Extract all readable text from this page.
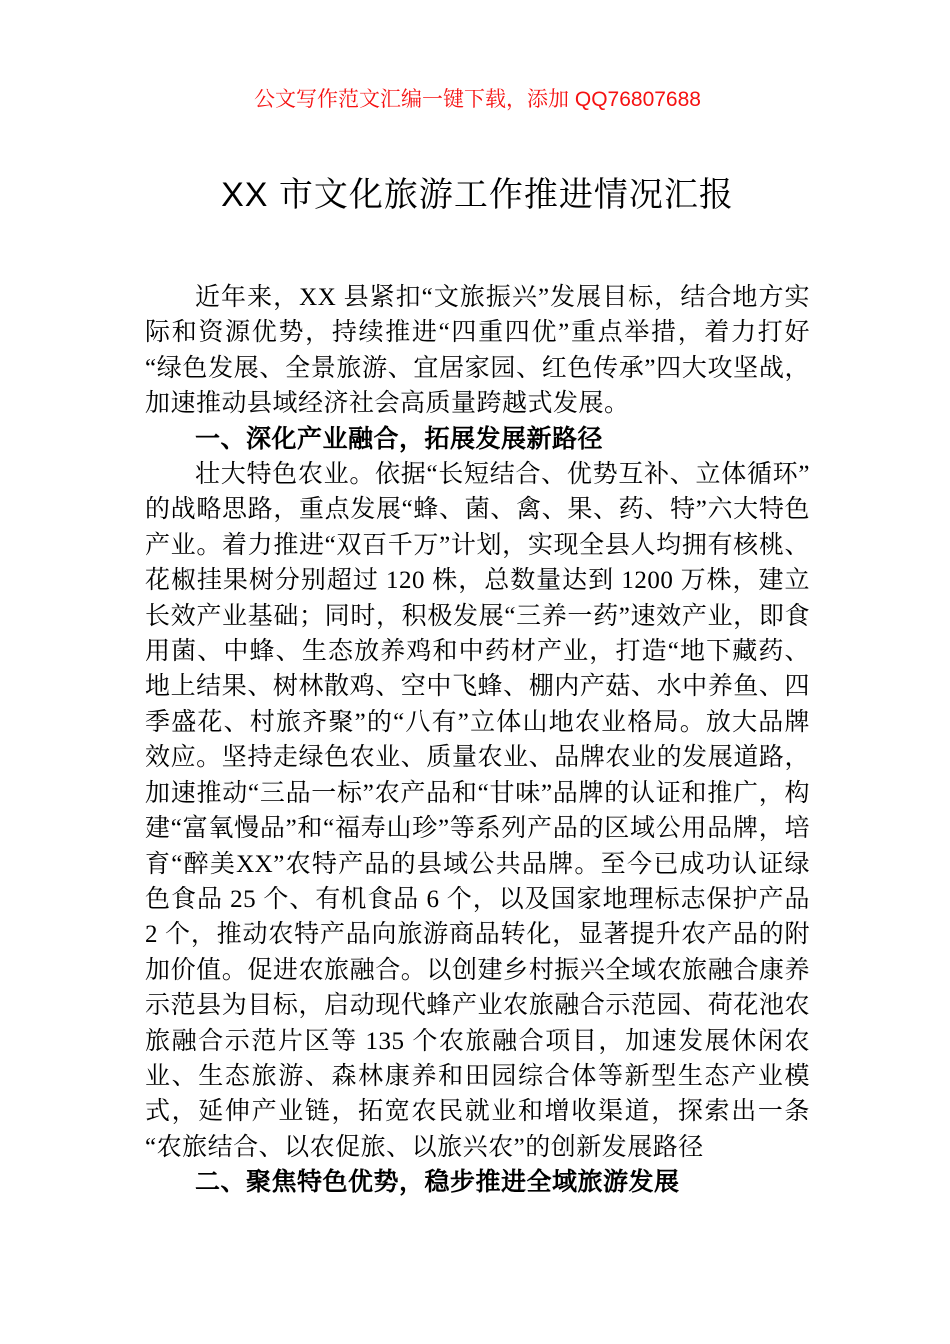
公文写作范文汇编一键下载，添加 QQ76807688
XX 市文化旅游工作推进情况汇报

近年来，XX 县紧扣“文旅振兴”发展目标，结合地方实际和资源优势，持续推进“四重四优”重点举措，着力打好“绿色发展、全景旅游、宜居家园、红色传承”四大攻坚战，加速推动县域经济社会高质量跨越式发展。

一、深化产业融合，拓展发展新路径

壮大特色农业。依据“长短结合、优势互补、立体循环”的战略思路，重点发展“蜂、菌、禽、果、药、特”六大特色产业。着力推进“双百千万”计划，实现全县人均拥有核桃、花椒挂果树分别超过 120 株，总数量达到 1200 万株，建立长效产业基础；同时，积极发展“三养一药”速效产业，即食用菌、中蜂、生态放养鸡和中药材产业，打造“地下藏药、地上结果、树林散鸡、空中飞蜂、棚内产菇、水中养鱼、四季盛花、村旅齐聚”的“八有”立体山地农业格局。放大品牌效应。坚持走绿色农业、质量农业、品牌农业的发展道路，加速推动“三品一标”农产品和“甘味”品牌的认证和推广，构建“富氧慢品”和“福寿山珍”等系列产品的区域公用品牌，培育“醉美XX”农特产品的县域公共品牌。至今已成功认证绿色食品 25 个、有机食品 6 个，以及国家地理标志保护产品 2 个，推动农特产品向旅游商品转化，显著提升农产品的附加价值。促进农旅融合。以创建乡村振兴全域农旅融合康养示范县为目标，启动现代蜂产业农旅融合示范园、荷花池农旅融合示范片区等 135 个农旅融合项目，加速发展休闲农业、生态旅游、森林康养和田园综合体等新型生态产业模式，延伸产业链，拓宽农民就业和增收渠道，探索出一条“农旅结合、以农促旅、以旅兴农”的创新发展路径

二、聚焦特色优势，稳步推进全域旅游发展
